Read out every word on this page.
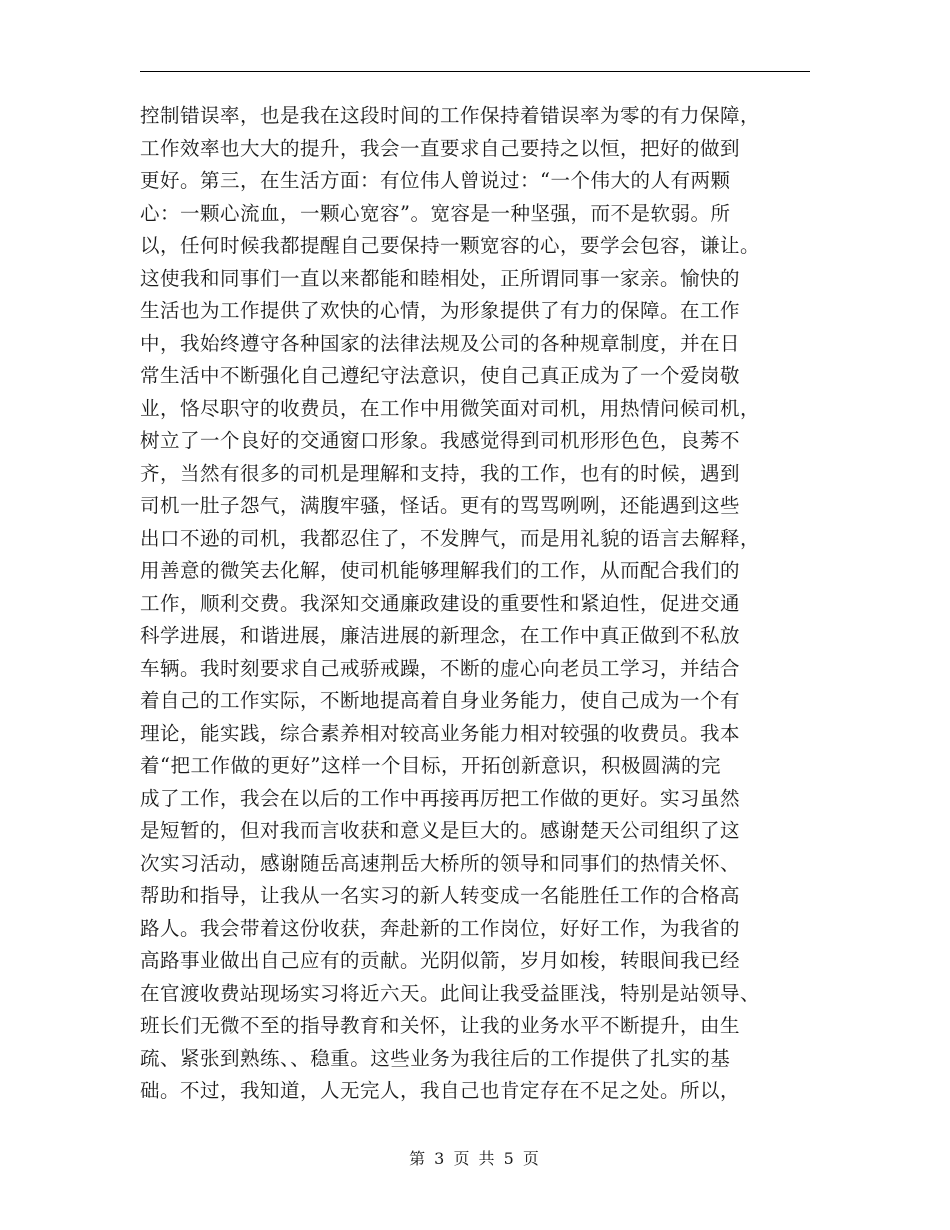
控制错误率，也是我在这段时间的工作保持着错误率为零的有力保障，
工作效率也大大的提升，我会一直要求自己要持之以恒，把好的做到
更好。第三，在生活方面：有位伟人曾说过：“一个伟大的人有两颗
心：一颗心流血，一颗心宽容”。宽容是一种坚强，而不是软弱。所
以，任何时候我都提醒自己要保持一颗宽容的心，要学会包容，谦让。
这使我和同事们一直以来都能和睦相处，正所谓同事一家亲。愉快的
生活也为工作提供了欢快的心情，为形象提供了有力的保障。在工作
中，我始终遵守各种国家的法律法规及公司的各种规章制度，并在日
常生活中不断强化自己遵纪守法意识，使自己真正成为了一个爱岗敬
业，恪尽职守的收费员，在工作中用微笑面对司机，用热情问候司机，
树立了一个良好的交通窗口形象。我感觉得到司机形形色色，良莠不
齐，当然有很多的司机是理解和支持，我的工作，也有的时候，遇到
司机一肚子怨气，满腹牢骚，怪话。更有的骂骂咧咧，还能遇到这些
出口不逊的司机，我都忍住了，不发脾气，而是用礼貌的语言去解释，
用善意的微笑去化解，使司机能够理解我们的工作，从而配合我们的
工作，顺利交费。我深知交通廉政建设的重要性和紧迫性，促进交通
科学进展，和谐进展，廉洁进展的新理念，在工作中真正做到不私放
车辆。我时刻要求自己戒骄戒躁，不断的虚心向老员工学习，并结合
着自己的工作实际，不断地提高着自身业务能力，使自己成为一个有
理论，能实践，综合素养相对较高业务能力相对较强的收费员。我本
着“把工作做的更好”这样一个目标，开拓创新意识，积极圆满的完
成了工作，我会在以后的工作中再接再厉把工作做的更好。实习虽然
是短暂的，但对我而言收获和意义是巨大的。感谢楚天公司组织了这
次实习活动，感谢随岳高速荆岳大桥所的领导和同事们的热情关怀、
帮助和指导，让我从一名实习的新人转变成一名能胜任工作的合格高
路人。我会带着这份收获，奔赴新的工作岗位，好好工作，为我省的
高路事业做出自己应有的贡献。光阴似箭，岁月如梭，转眼间我已经
在官渡收费站现场实习将近六天。此间让我受益匪浅，特别是站领导、
班长们无微不至的指导教育和关怀，让我的业务水平不断提升，由生
疏、紧张到熟练、、稳重。这些业务为我往后的工作提供了扎实的基
础。不过，我知道，人无完人，我自己也肯定存在不足之处。所以，
第 3 页 共 5 页
